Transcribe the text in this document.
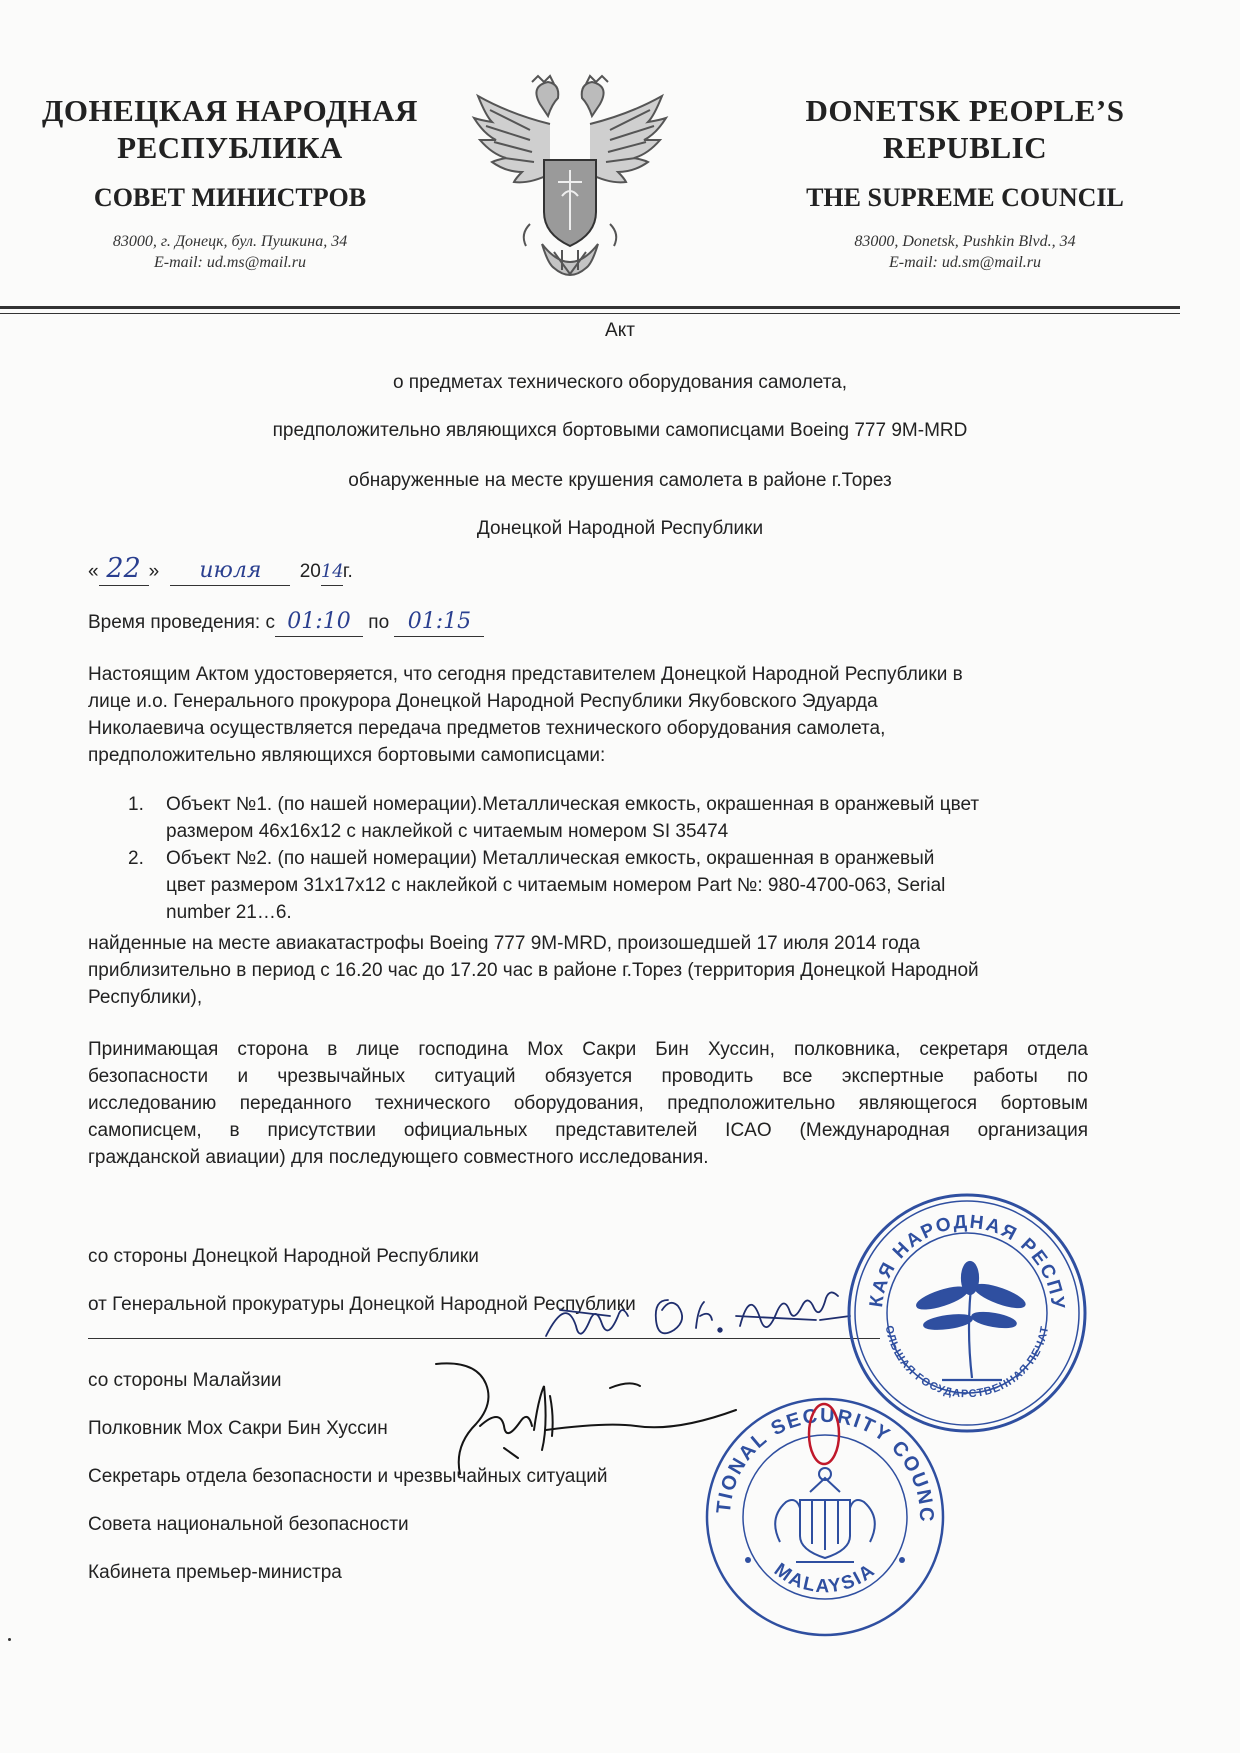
ДОНЕЦКАЯ НАРОДНАЯ
РЕСПУБЛИКА
СОВЕТ МИНИСТРОВ
83000, г. Донецк, бул. Пушкина, 34
E-mail: ud.ms@mail.ru
DONETSK PEOPLE’S
REPUBLIC
THE SUPREME COUNCIL
83000, Donetsk, Pushkin Blvd., 34
E-mail: ud.sm@mail.ru
Акт
о предметах технического оборудования самолета,
предположительно являющихся бортовыми самописцами Boeing 777 9M-MRD
обнаруженные на месте крушения самолета в районе г.Торез
Донецкой Народной Республики
« 22 » июля 2014г.
Время проведения: с 01:10 по 01:15
Настоящим Актом удостоверяется, что сегодня представителем Донецкой Народной Республики в
лице и.о. Генерального прокурора Донецкой Народной Республики Якубовского Эдуарда
Николаевича осуществляется передача предметов технического оборудования самолета,
предположительно являющихся бортовыми самописцами:
1. Объект №1. (по нашей номерации).Металлическая емкость, окрашенная в оранжевый цвет
размером 46х16х12 с наклейкой с читаемым номером SI 35474
2. Объект №2. (по нашей номерации) Металлическая емкость, окрашенная в оранжевый
цвет размером 31х17х12 с наклейкой с читаемым номером Part №: 980-4700-063, Serial
number 21…6.
найденные на месте авиакатастрофы Boeing 777 9M-MRD, произошедшей 17 июля 2014 года
приблизительно в период с 16.20 час до 17.20 час в районе г.Торез (территория Донецкой Народной
Республики),
Принимающая сторона в лице господина Мох Сакри Бин Хуссин, полковника, секретаря отдела
безопасности и чрезвычайных ситуаций обязуется проводить все экспертные работы по
исследованию переданного технического оборудования, предположительно являющегося бортовым
самописцем, в присутствии официальных представителей ICAO (Международная организация
гражданской авиации) для последующего совместного исследования.
со стороны Донецкой Народной Республики
от Генеральной прокуратуры Донецкой Народной Республики
со стороны Малайзии
Полковник Мох Сакри Бин Хуссин
Секретарь отдела безопасности и чрезвычайных ситуаций
Совета национальной безопасности
Кабинета премьер-министра
КАЯ НАРОДНАЯ РЕСПУ
ОЛЬШАЯ ГОСУДАРСТВЕННАЯ ПЕЧАТ
TIONAL SECURITY COUNC
MALAYSIA
